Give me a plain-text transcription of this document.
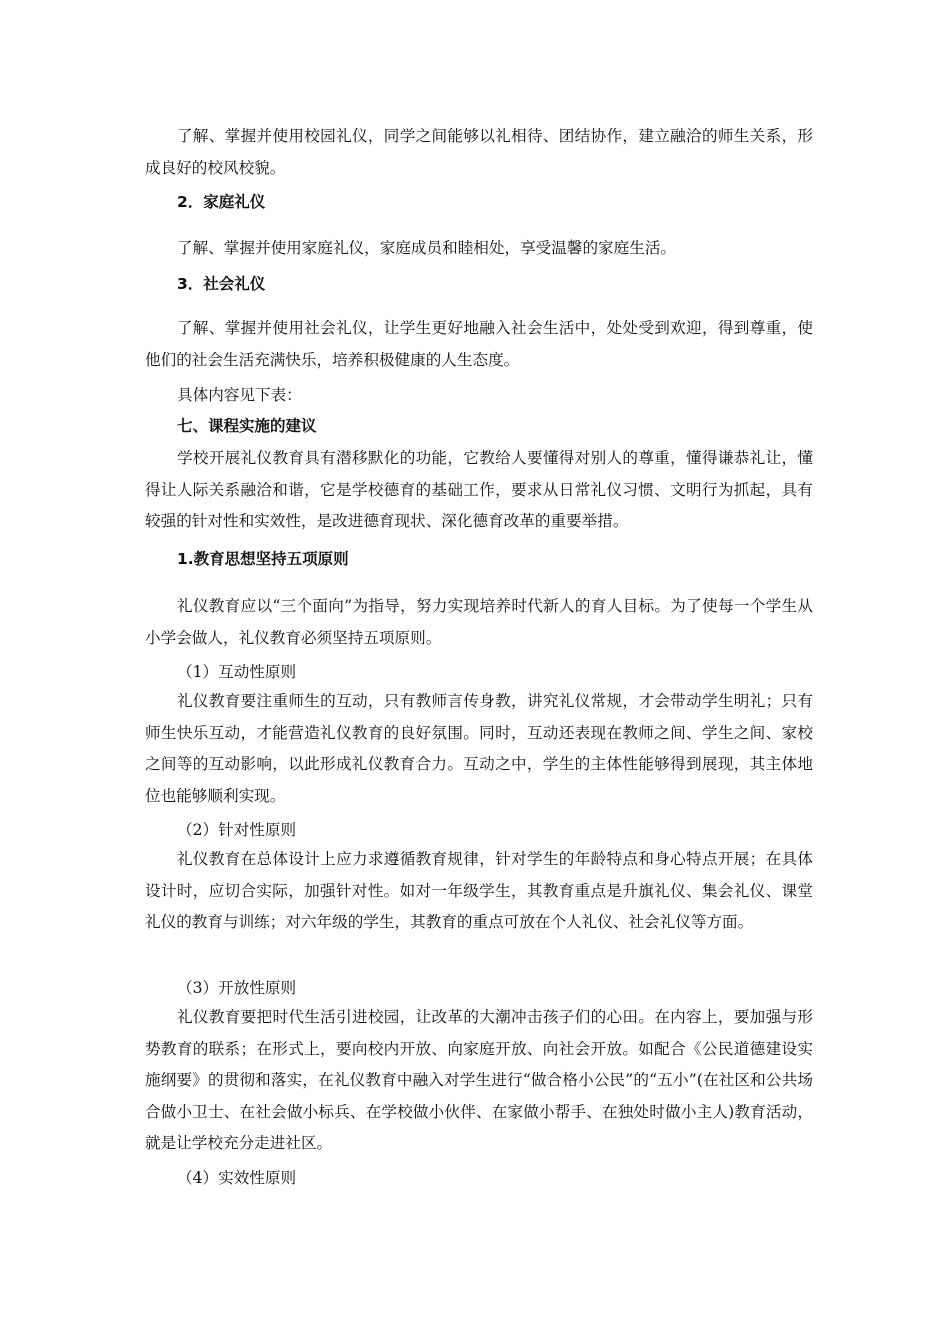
了解、掌握并使用校园礼仪，同学之间能够以礼相待、团结协作，建立融洽的师生关系，形成良好的校风校貌。

2．家庭礼仪

了解、掌握并使用家庭礼仪，家庭成员和睦相处，享受温馨的家庭生活。

3．社会礼仪

了解、掌握并使用社会礼仪，让学生更好地融入社会生活中，处处受到欢迎，得到尊重，使他们的社会生活充满快乐，培养积极健康的人生态度。

具体内容见下表：

七、课程实施的建议

学校开展礼仪教育具有潜移默化的功能，它教给人要懂得对别人的尊重，懂得谦恭礼让，懂得让人际关系融洽和谐，它是学校德育的基础工作，要求从日常礼仪习惯、文明行为抓起，具有较强的针对性和实效性，是改进德育现状、深化德育改革的重要举措。

1.教育思想坚持五项原则

礼仪教育应以“三个面向”为指导，努力实现培养时代新人的育人目标。为了使每一个学生从小学会做人，礼仪教育必须坚持五项原则。

（1）互动性原则

礼仪教育要注重师生的互动，只有教师言传身教，讲究礼仪常规，才会带动学生明礼；只有师生快乐互动，才能营造礼仪教育的良好氛围。同时，互动还表现在教师之间、学生之间、家校之间等的互动影响，以此形成礼仪教育合力。互动之中，学生的主体性能够得到展现，其主体地位也能够顺利实现。

（2）针对性原则

礼仪教育在总体设计上应力求遵循教育规律，针对学生的年龄特点和身心特点开展；在具体设计时，应切合实际，加强针对性。如对一年级学生，其教育重点是升旗礼仪、集会礼仪、课堂礼仪的教育与训练；对六年级的学生，其教育的重点可放在个人礼仪、社会礼仪等方面。

（3）开放性原则

礼仪教育要把时代生活引进校园，让改革的大潮冲击孩子们的心田。在内容上，要加强与形势教育的联系；在形式上，要向校内开放、向家庭开放、向社会开放。如配合《公民道德建设实施纲要》的贯彻和落实，在礼仪教育中融入对学生进行“做合格小公民”的“五小”(在社区和公共场合做小卫士、在社会做小标兵、在学校做小伙伴、在家做小帮手、在独处时做小主人)教育活动，就是让学校充分走进社区。

（4）实效性原则
